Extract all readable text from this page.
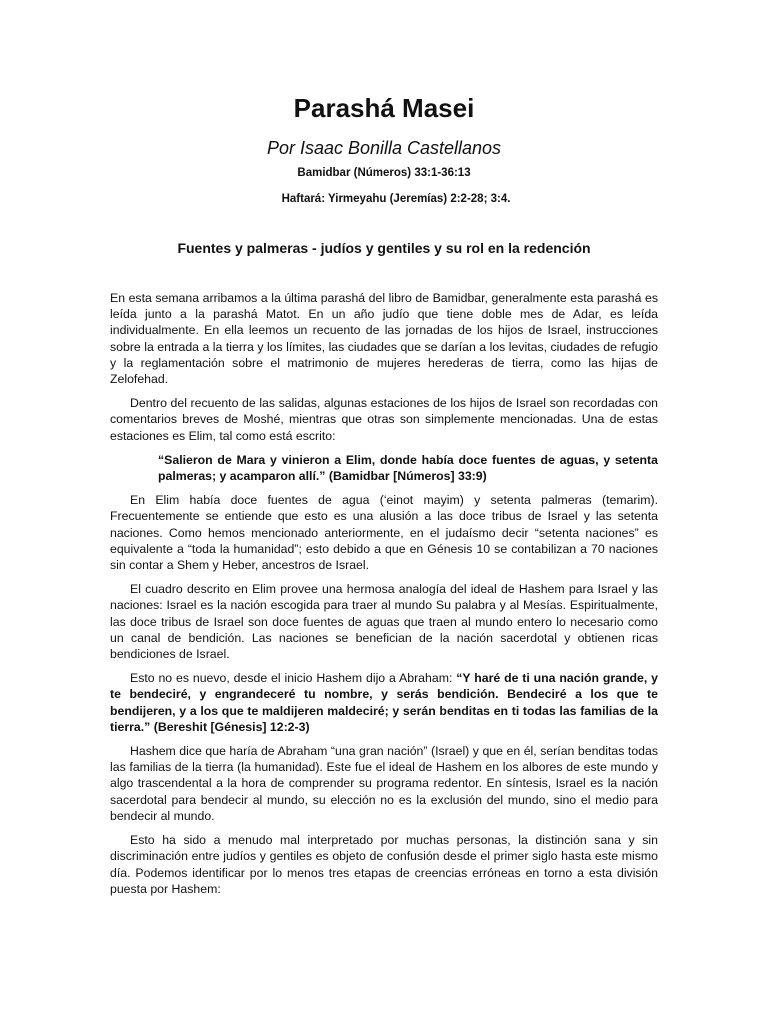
Parashá Masei
Por Isaac Bonilla Castellanos
Bamidbar (Números) 33:1-36:13
Haftará: Yirmeyahu (Jeremías) 2:2-28; 3:4.
Fuentes y palmeras - judíos y gentiles y su rol en la redención

En esta semana arribamos a la última parashá del libro de Bamidbar, generalmente esta parashá es leída junto a la parashá Matot. En un año judío que tiene doble mes de Adar, es leída individualmente. En ella leemos un recuento de las jornadas de los hijos de Israel, instrucciones sobre la entrada a la tierra y los límites, las ciudades que se darían a los levitas, ciudades de refugio y la reglamentación sobre el matrimonio de mujeres herederas de tierra, como las hijas de Zelofehad.

Dentro del recuento de las salidas, algunas estaciones de los hijos de Israel son recordadas con comentarios breves de Moshé, mientras que otras son simplemente mencionadas. Una de estas estaciones es Elim, tal como está escrito:

“Salieron de Mara y vinieron a Elim, donde había doce fuentes de aguas, y setenta palmeras; y acamparon allí.” (Bamidbar [Números] 33:9)

En Elim había doce fuentes de agua (‘einot mayim) y setenta palmeras (temarim). Frecuentemente se entiende que esto es una alusión a las doce tribus de Israel y las setenta naciones. Como hemos mencionado anteriormente, en el judaísmo decir “setenta naciones” es equivalente a “toda la humanidad”; esto debido a que en Génesis 10 se contabilizan a 70 naciones sin contar a Shem y Heber, ancestros de Israel.

El cuadro descrito en Elim provee una hermosa analogía del ideal de Hashem para Israel y las naciones: Israel es la nación escogida para traer al mundo Su palabra y al Mesías. Espiritualmente, las doce tribus de Israel son doce fuentes de aguas que traen al mundo entero lo necesario como un canal de bendición. Las naciones se benefician de la nación sacerdotal y obtienen ricas bendiciones de Israel.

Esto no es nuevo, desde el inicio Hashem dijo a Abraham: “Y haré de ti una nación grande, y te bendeciré, y engrandeceré tu nombre, y serás bendición. Bendeciré a los que te bendijeren, y a los que te maldijeren maldeciré; y serán benditas en ti todas las familias de la tierra.” (Bereshit [Génesis] 12:2-3)

Hashem dice que haría de Abraham “una gran nación” (Israel) y que en él, serían benditas todas las familias de la tierra (la humanidad). Este fue el ideal de Hashem en los albores de este mundo y algo trascendental a la hora de comprender su programa redentor. En síntesis, Israel es la nación sacerdotal para bendecir al mundo, su elección no es la exclusión del mundo, sino el medio para bendecir al mundo.

Esto ha sido a menudo mal interpretado por muchas personas, la distinción sana y sin discriminación entre judíos y gentiles es objeto de confusión desde el primer siglo hasta este mismo día. Podemos identificar por lo menos tres etapas de creencias erróneas en torno a esta división puesta por Hashem:
